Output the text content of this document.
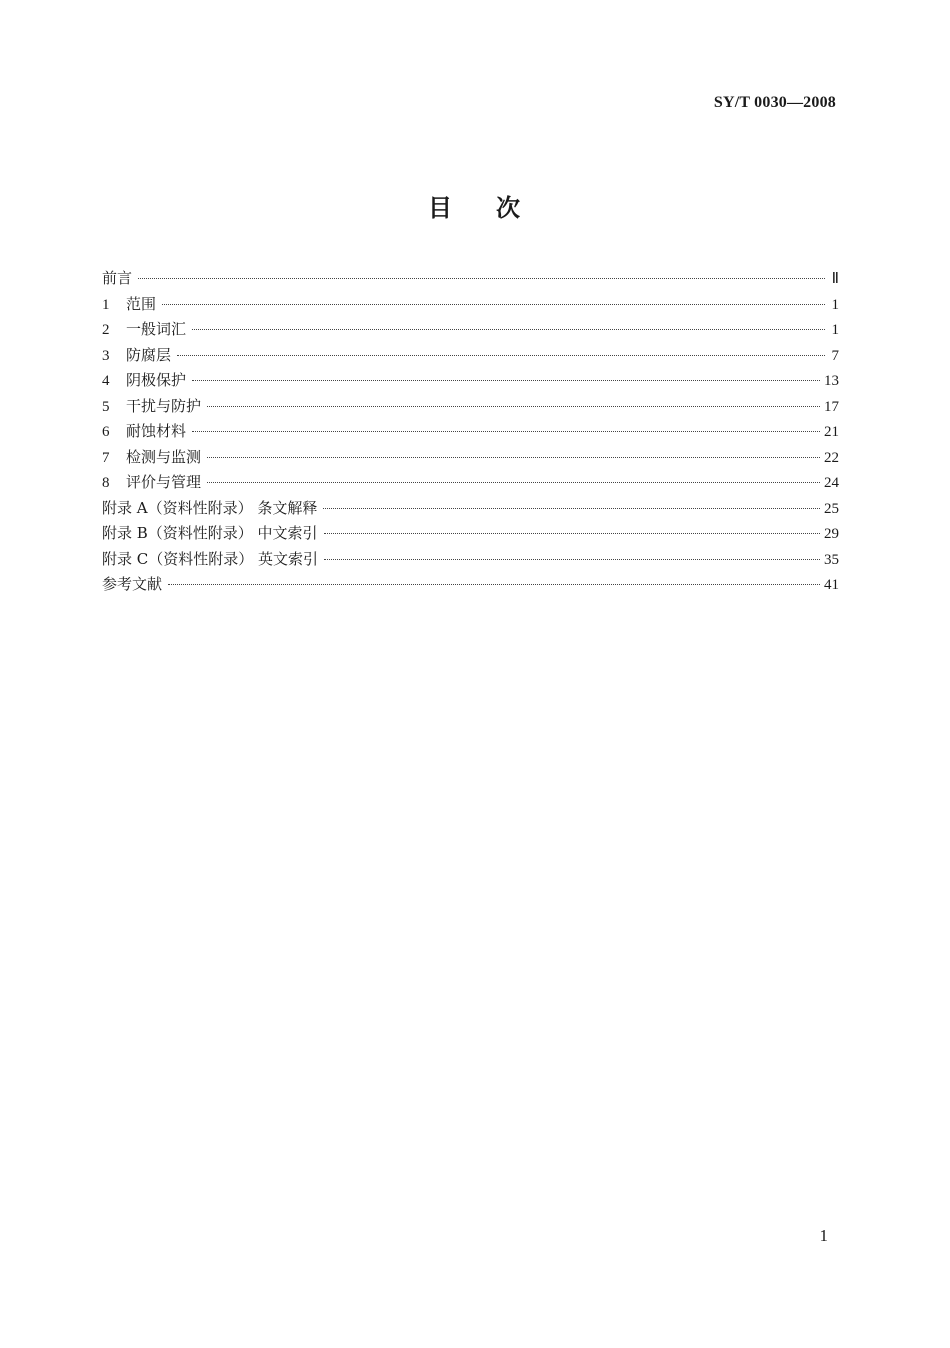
SY/T 0030—2008
目 次
前言	Ⅱ
1	范围	1
2	一般词汇	1
3	防腐层	7
4	阴极保护	13
5	干扰与防护	17
6	耐蚀材料	21
7	检测与监测	22
8	评价与管理	24
附录 A（资料性附录） 条文解释	25
附录 B（资料性附录） 中文索引	29
附录 C（资料性附录） 英文索引	35
参考文献	41
1
